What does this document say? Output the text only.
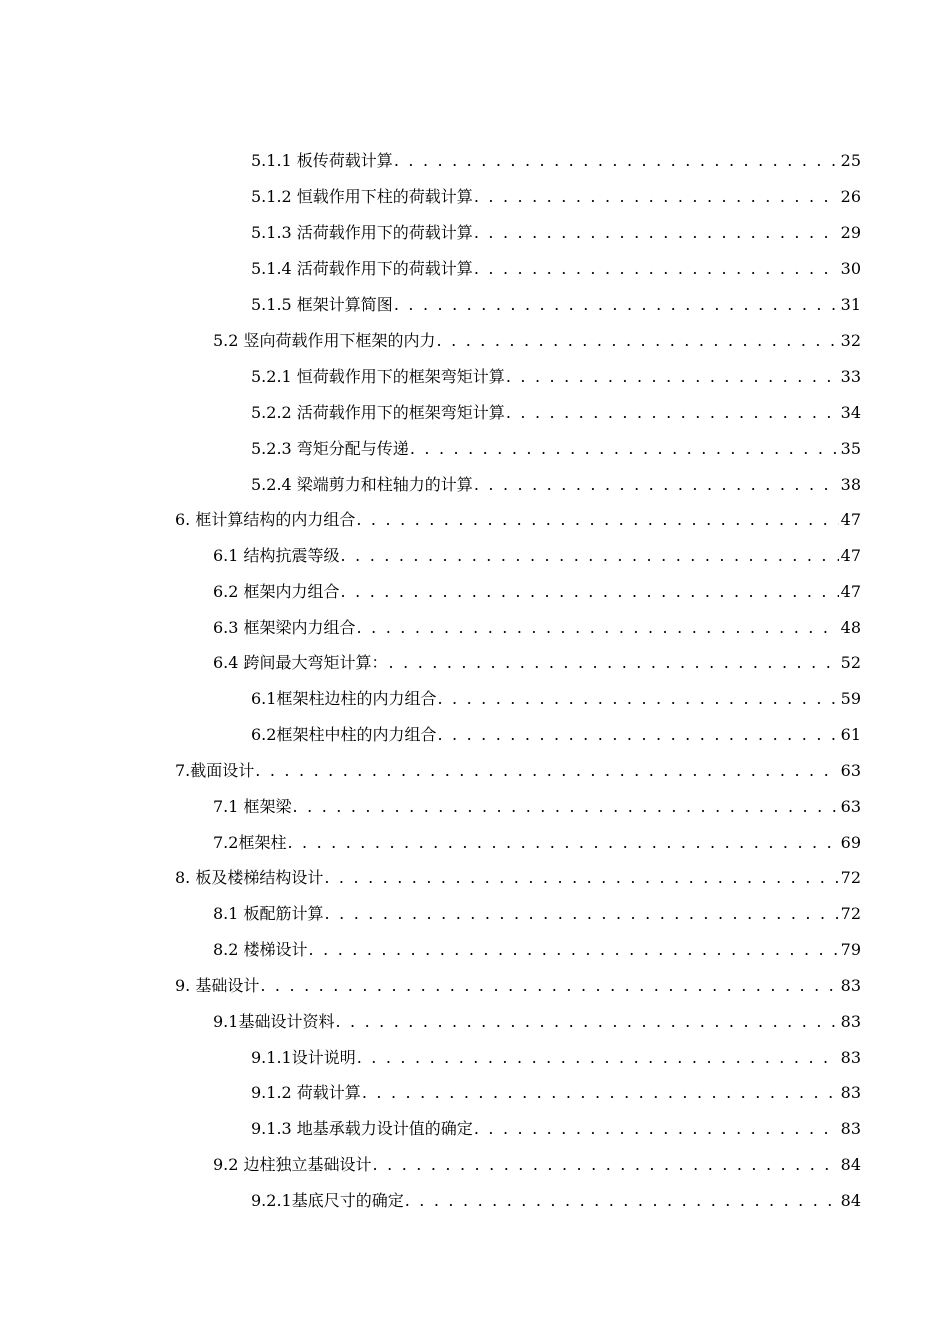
5.1.1 板传荷载计算 . . .	25
5.1.2 恒载作用下柱的荷载计算 . . .	26
5.1.3 活荷载作用下的荷载计算 . . .	29
5.1.4 活荷载作用下的荷载计算 . . .	30
5.1.5 框架计算简图 . . .	31
5.2 竖向荷载作用下框架的内力 . . .	32
5.2.1 恒荷载作用下的框架弯矩计算 . . .	33
5.2.2 活荷载作用下的框架弯矩计算 . . .	34
5.2.3 弯矩分配与传递 . . .	35
5.2.4 梁端剪力和柱轴力的计算 . . .	38
6. 框计算结构的内力组合 . . .	47
6.1 结构抗震等级 . . .	47
6.2 框架内力组合 . . .	47
6.3 框架梁内力组合 . . .	48
6.4 跨间最大弯矩计算： . . .	52
6.1框架柱边柱的内力组合 . . .	59
6.2框架柱中柱的内力组合 . . .	61
7.截面设计 . . .	63
7.1 框架梁 . . .	63
7.2框架柱 . . .	69
8. 板及楼梯结构设计 . . .	72
8.1 板配筋计算 . . .	72
8.2 楼梯设计 . . .	79
9. 基础设计 . . .	83
9.1基础设计资料 . . .	83
9.1.1设计说明 . . .	83
9.1.2 荷载计算 . . .	83
9.1.3 地基承载力设计值的确定 . . .	83
9.2 边柱独立基础设计 . . .	84
9.2.1基底尺寸的确定 . . .	84
